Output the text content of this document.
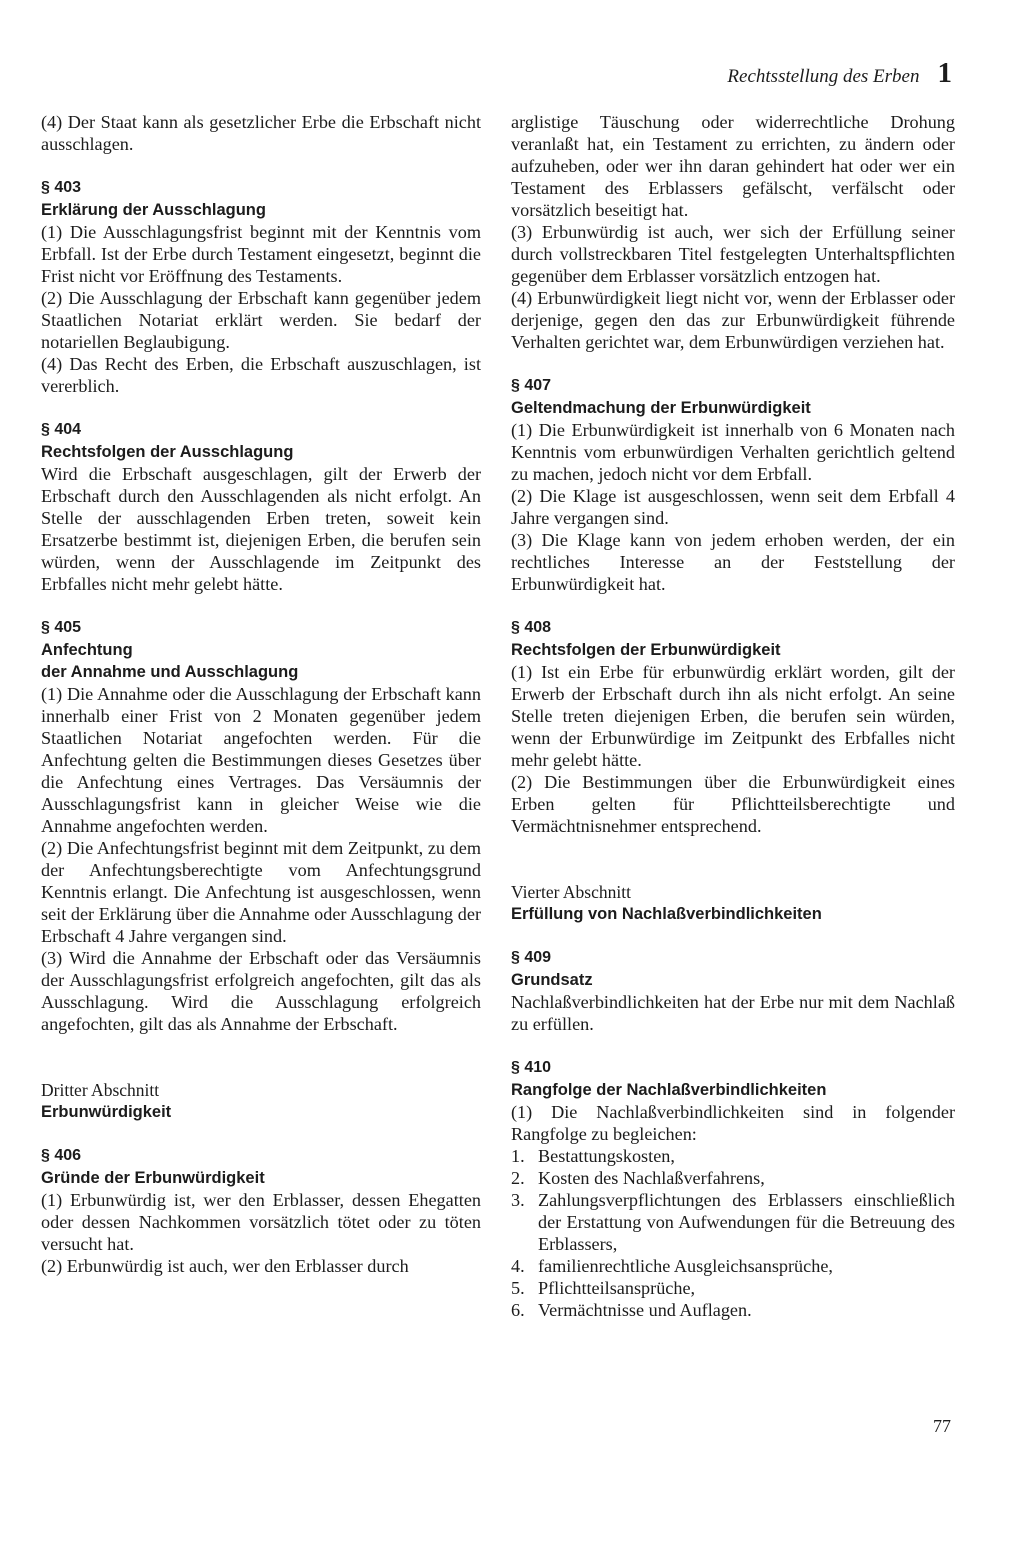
Rechtsstellung des Erben 1

(4) Der Staat kann als gesetzlicher Erbe die Erbschaft nicht ausschlagen.

§ 403

Erklärung der Ausschlagung

(1) Die Ausschlagungsfrist beginnt mit der Kenntnis vom Erbfall. Ist der Erbe durch Testament eingesetzt, beginnt die Frist nicht vor Eröffnung des Testaments.

(2) Die Ausschlagung der Erbschaft kann gegenüber jedem Staatlichen Notariat erklärt werden. Sie bedarf der notariellen Beglaubigung.

(4) Das Recht des Erben, die Erbschaft auszuschlagen, ist vererblich.

§ 404

Rechtsfolgen der Ausschlagung

Wird die Erbschaft ausgeschlagen, gilt der Erwerb der Erbschaft durch den Ausschlagenden als nicht erfolgt. An Stelle der ausschlagenden Erben treten, soweit kein Ersatzerbe bestimmt ist, diejenigen Erben, die berufen sein würden, wenn der Ausschlagende im Zeitpunkt des Erbfalles nicht mehr gelebt hätte.

§ 405

Anfechtung

der Annahme und Ausschlagung

(1) Die Annahme oder die Ausschlagung der Erbschaft kann innerhalb einer Frist von 2 Monaten gegenüber jedem Staatlichen Notariat angefochten werden. Für die Anfechtung gelten die Bestimmungen dieses Gesetzes über die Anfechtung eines Vertrages. Das Versäumnis der Ausschlagungsfrist kann in gleicher Weise wie die Annahme angefochten werden.

(2) Die Anfechtungsfrist beginnt mit dem Zeitpunkt, zu dem der Anfechtungsberechtigte vom Anfechtungsgrund Kenntnis erlangt. Die Anfechtung ist ausgeschlossen, wenn seit der Erklärung über die Annahme oder Ausschlagung der Erbschaft 4 Jahre vergangen sind.

(3) Wird die Annahme der Erbschaft oder das Versäumnis der Ausschlagungsfrist erfolgreich angefochten, gilt das als Ausschlagung. Wird die Ausschlagung erfolgreich angefochten, gilt das als Annahme der Erbschaft.

Dritter Abschnitt

Erbunwürdigkeit

§ 406

Gründe der Erbunwürdigkeit

(1) Erbunwürdig ist, wer den Erblasser, dessen Ehegatten oder dessen Nachkommen vorsätzlich tötet oder zu töten versucht hat.

(2) Erbunwürdig ist auch, wer den Erblasser durch

arglistige Täuschung oder widerrechtliche Drohung veranlaßt hat, ein Testament zu errichten, zu ändern oder aufzuheben, oder wer ihn daran gehindert hat oder wer ein Testament des Erblassers gefälscht, verfälscht oder vorsätzlich beseitigt hat.

(3) Erbunwürdig ist auch, wer sich der Erfüllung seiner durch vollstreckbaren Titel festgelegten Unterhaltspflichten gegenüber dem Erblasser vorsätzlich entzogen hat.

(4) Erbunwürdigkeit liegt nicht vor, wenn der Erblasser oder derjenige, gegen den das zur Erbunwürdigkeit führende Verhalten gerichtet war, dem Erbunwürdigen verziehen hat.

§ 407

Geltendmachung der Erbunwürdigkeit

(1) Die Erbunwürdigkeit ist innerhalb von 6 Monaten nach Kenntnis vom erbunwürdigen Verhalten gerichtlich geltend zu machen, jedoch nicht vor dem Erbfall.

(2) Die Klage ist ausgeschlossen, wenn seit dem Erbfall 4 Jahre vergangen sind.

(3) Die Klage kann von jedem erhoben werden, der ein rechtliches Interesse an der Feststellung der Erbunwürdigkeit hat.

§ 408

Rechtsfolgen der Erbunwürdigkeit

(1) Ist ein Erbe für erbunwürdig erklärt worden, gilt der Erwerb der Erbschaft durch ihn als nicht erfolgt. An seine Stelle treten diejenigen Erben, die berufen sein würden, wenn der Erbunwürdige im Zeitpunkt des Erbfalles nicht mehr gelebt hätte.

(2) Die Bestimmungen über die Erbunwürdigkeit eines Erben gelten für Pflichtteilsberechtigte und Vermächtnisnehmer entsprechend.

Vierter Abschnitt

Erfüllung von Nachlaßverbindlichkeiten

§ 409

Grundsatz

Nachlaßverbindlichkeiten hat der Erbe nur mit dem Nachlaß zu erfüllen.

§ 410

Rangfolge der Nachlaßverbindlichkeiten

(1) Die Nachlaßverbindlichkeiten sind in folgender Rangfolge zu begleichen:

1. Bestattungskosten,
2. Kosten des Nachlaßverfahrens,
3. Zahlungsverpflichtungen des Erblassers einschließlich der Erstattung von Aufwendungen für die Betreuung des Erblassers,
4. familienrechtliche Ausgleichsansprüche,
5. Pflichtteilsansprüche,
6. Vermächtnisse und Auflagen.
77
